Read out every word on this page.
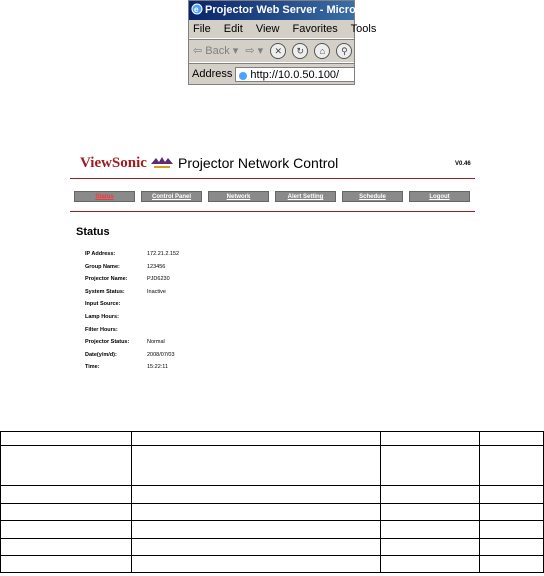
e Projector Web Server - Microsoft
File Edit View Favorites Tools
⇦ Back ▾ ⇨ ▾ ✕ ↻ ⌂ ⚲
Address http://10.0.50.100/
ViewSonic Projector Network Control	V0.46
Status	Control Panel	Network	Alert Setting	Schedule	Logout
Status
IP Address:	172.21.2.152
Group Name:	123456
Projector Name:	PJD6230
System Status:	Inactive
Input Source:
Lamp Hours:
Filter Hours:
Projector Status:	Normal
Date(y/m/d):	2008/07/03
Time:	15:22:11
